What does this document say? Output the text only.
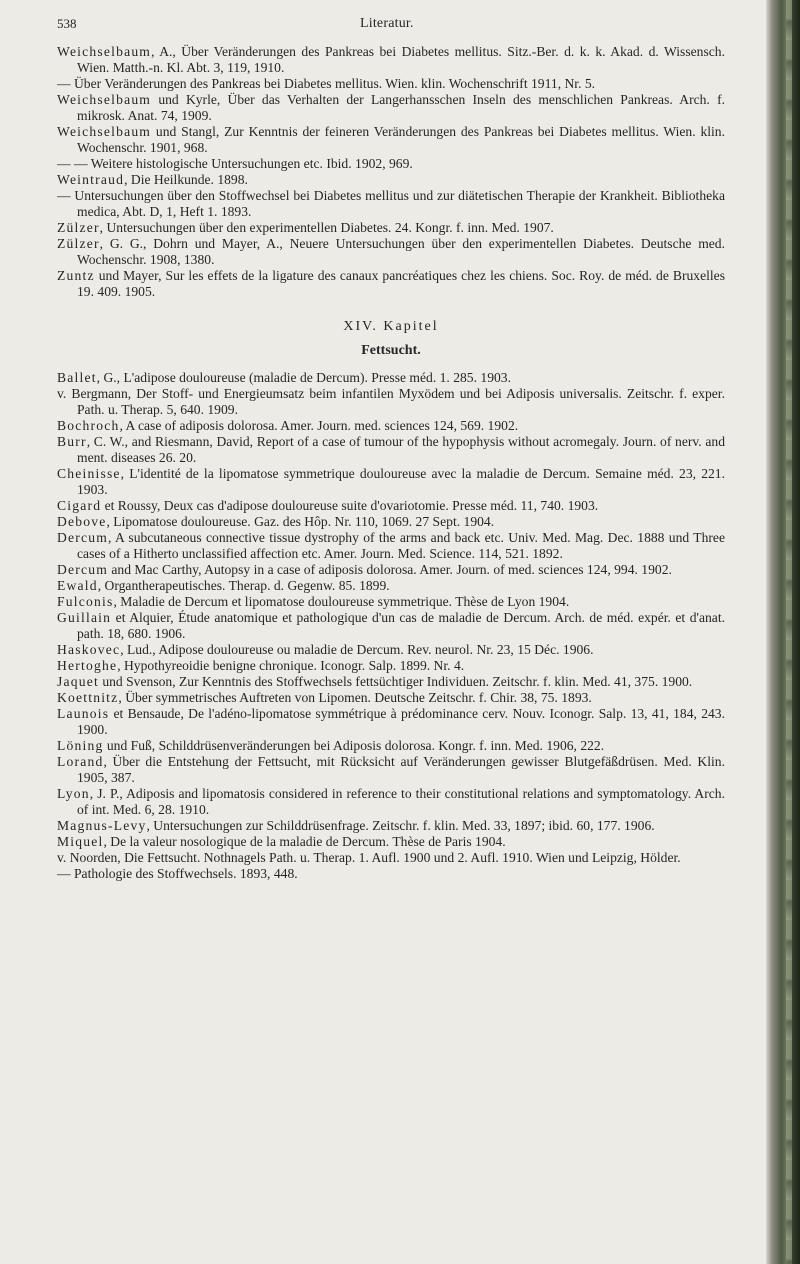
538	Literatur.

Weichselbaum, A., Über Veränderungen des Pankreas bei Diabetes mellitus. Sitz.-Ber. d. k. k. Akad. d. Wissensch. Wien. Matth.-n. Kl. Abt. 3, 119, 1910.

— Über Veränderungen des Pankreas bei Diabetes mellitus. Wien. klin. Wochenschrift 1911, Nr. 5.

Weichselbaum und Kyrle, Über das Verhalten der Langerhansschen Inseln des menschlichen Pankreas. Arch. f. mikrosk. Anat. 74, 1909.

Weichselbaum und Stangl, Zur Kenntnis der feineren Veränderungen des Pankreas bei Diabetes mellitus. Wien. klin. Wochenschr. 1901, 968.

— — Weitere histologische Untersuchungen etc. Ibid. 1902, 969.

Weintraud, Die Heilkunde. 1898.

— Untersuchungen über den Stoffwechsel bei Diabetes mellitus und zur diätetischen Therapie der Krankheit. Bibliotheka medica, Abt. D, 1, Heft 1. 1893.

Zülzer, Untersuchungen über den experimentellen Diabetes. 24. Kongr. f. inn. Med. 1907.

Zülzer, G. G., Dohrn und Mayer, A., Neuere Untersuchungen über den experimentellen Diabetes. Deutsche med. Wochenschr. 1908, 1380.

Zuntz und Mayer, Sur les effets de la ligature des canaux pancréatiques chez les chiens. Soc. Roy. de méd. de Bruxelles 19. 409. 1905.

XIV. Kapitel
Fettsucht.

Ballet, G., L'adipose douloureuse (maladie de Dercum). Presse méd. 1. 285. 1903.

v. Bergmann, Der Stoff- und Energieumsatz beim infantilen Myxödem und bei Adiposis universalis. Zeitschr. f. exper. Path. u. Therap. 5, 640. 1909.

Bochroch, A case of adiposis dolorosa. Amer. Journ. med. sciences 124, 569. 1902.

Burr, C. W., and Riesmann, David, Report of a case of tumour of the hypophysis without acromegaly. Journ. of nerv. and ment. diseases 26. 20.

Cheinisse, L'identité de la lipomatose symmetrique douloureuse avec la maladie de Dercum. Semaine méd. 23, 221. 1903.

Cigard et Roussy, Deux cas d'adipose douloureuse suite d'ovariotomie. Presse méd. 11, 740. 1903.

Debove, Lipomatose douloureuse. Gaz. des Hôp. Nr. 110, 1069. 27 Sept. 1904.

Dercum, A subcutaneous connective tissue dystrophy of the arms and back etc. Univ. Med. Mag. Dec. 1888 und Three cases of a Hitherto unclassified affection etc. Amer. Journ. Med. Science. 114, 521. 1892.

Dercum and Mac Carthy, Autopsy in a case of adiposis dolorosa. Amer. Journ. of med. sciences 124, 994. 1902.

Ewald, Organtherapeutisches. Therap. d. Gegenw. 85. 1899.

Fulconis, Maladie de Dercum et lipomatose douloureuse symmetrique. Thèse de Lyon 1904.

Guillain et Alquier, Étude anatomique et pathologique d'un cas de maladie de Dercum. Arch. de méd. expér. et d'anat. path. 18, 680. 1906.

Haskovec, Lud., Adipose douloureuse ou maladie de Dercum. Rev. neurol. Nr. 23, 15 Déc. 1906.

Hertoghe, Hypothyreoidie benigne chronique. Iconogr. Salp. 1899. Nr. 4.

Jaquet und Svenson, Zur Kenntnis des Stoffwechsels fettsüchtiger Individuen. Zeitschr. f. klin. Med. 41, 375. 1900.

Koettnitz, Über symmetrisches Auftreten von Lipomen. Deutsche Zeitschr. f. Chir. 38, 75. 1893.

Launois et Bensaude, De l'adéno-lipomatose symmétrique à prédominance cerv. Nouv. Iconogr. Salp. 13, 41, 184, 243. 1900.

Löning und Fuß, Schilddrüsenveränderungen bei Adiposis dolorosa. Kongr. f. inn. Med. 1906, 222.

Lorand, Über die Entstehung der Fettsucht, mit Rücksicht auf Veränderungen gewisser Blutgefäßdrüsen. Med. Klin. 1905, 387.

Lyon, J. P., Adiposis and lipomatosis considered in reference to their constitutional relations and symptomatology. Arch. of int. Med. 6, 28. 1910.

Magnus-Levy, Untersuchungen zur Schilddrüsenfrage. Zeitschr. f. klin. Med. 33, 1897; ibid. 60, 177. 1906.

Miquel, De la valeur nosologique de la maladie de Dercum. Thèse de Paris 1904.

v. Noorden, Die Fettsucht. Nothnagels Path. u. Therap. 1. Aufl. 1900 und 2. Aufl. 1910. Wien und Leipzig, Hölder.

— Pathologie des Stoffwechsels. 1893, 448.
